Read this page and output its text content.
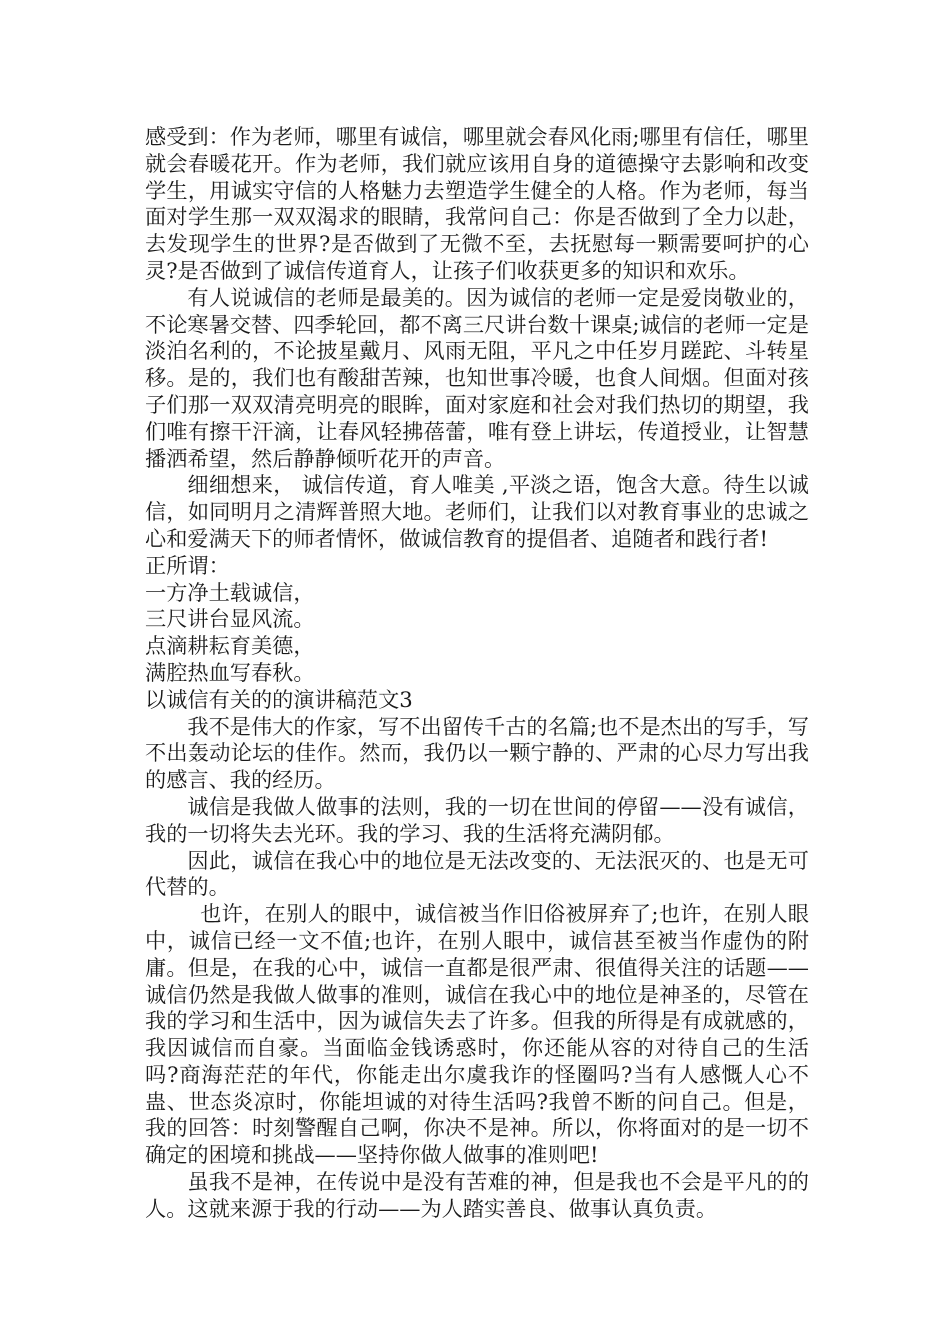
感受到：作为老师，哪里有诚信，哪里就会春风化雨;哪里有信任，哪里就会春暖花开。作为老师，我们就应该用自身的道德操守去影响和改变学生，用诚实守信的人格魅力去塑造学生健全的人格。作为老师，每当面对学生那一双双渴求的眼睛，我常问自己：你是否做到了全力以赴，去发现学生的世界?是否做到了无微不至，去抚慰每一颗需要呵护的心灵?是否做到了诚信传道育人，让孩子们收获更多的知识和欢乐。

有人说诚信的老师是最美的。因为诚信的老师一定是爱岗敬业的，不论寒暑交替、四季轮回，都不离三尺讲台数十课桌;诚信的老师一定是淡泊名利的，不论披星戴月、风雨无阻，平凡之中任岁月蹉跎、斗转星移。是的，我们也有酸甜苦辣，也知世事冷暖，也食人间烟。但面对孩子们那一双双清亮明亮的眼眸，面对家庭和社会对我们热切的期望，我们唯有擦干汗滴，让春风轻拂蓓蕾，唯有登上讲坛，传道授业，让智慧播洒希望，然后静静倾听花开的声音。

细细想来， 诚信传道，育人唯美 ,平淡之语，饱含大意。待生以诚信，如同明月之清辉普照大地。老师们，让我们以对教育事业的忠诚之心和爱满天下的师者情怀，做诚信教育的提倡者、追随者和践行者!

正所谓：

一方净土载诚信，

三尺讲台显风流。

点滴耕耘育美德，

满腔热血写春秋。

以诚信有关的的演讲稿范文3

我不是伟大的作家，写不出留传千古的名篇;也不是杰出的写手，写不出轰动论坛的佳作。然而，我仍以一颗宁静的、严肃的心尽力写出我的感言、我的经历。

诚信是我做人做事的法则，我的一切在世间的停留——没有诚信，我的一切将失去光环。我的学习、我的生活将充满阴郁。

因此，诚信在我心中的地位是无法改变的、无法泯灭的、也是无可代替的。

也许，在别人的眼中，诚信被当作旧俗被屏弃了;也许，在别人眼中，诚信已经一文不值;也许，在别人眼中，诚信甚至被当作虚伪的附庸。但是，在我的心中，诚信一直都是很严肃、很值得关注的话题——诚信仍然是我做人做事的准则，诚信在我心中的地位是神圣的，尽管在我的学习和生活中，因为诚信失去了许多。但我的所得是有成就感的，我因诚信而自豪。当面临金钱诱惑时，你还能从容的对待自己的生活吗?商海茫茫的年代，你能走出尔虞我诈的怪圈吗?当有人感慨人心不蛊、世态炎凉时，你能坦诚的对待生活吗?我曾不断的问自己。但是，我的回答：时刻警醒自己啊，你决不是神。所以，你将面对的是一切不确定的困境和挑战——坚持你做人做事的准则吧!

虽我不是神，在传说中是没有苦难的神，但是我也不会是平凡的的人。这就来源于我的行动——为人踏实善良、做事认真负责。
